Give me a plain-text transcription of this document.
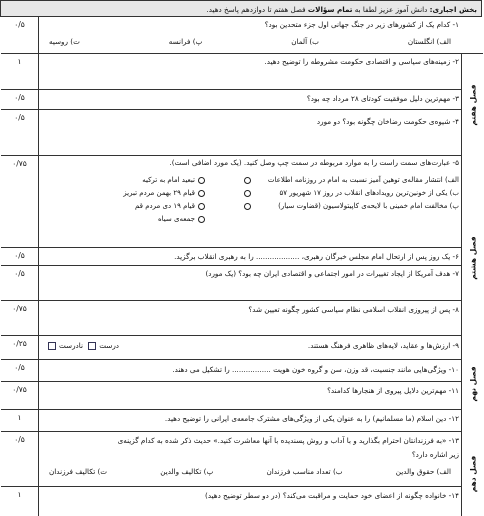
بخش اجباری: دانش آموز عزیز لطفا به تمام سؤالات فصل هفتم تا دوازدهم پاسخ دهید.
۰/۵	۱- کدام یک از کشورهای زیر در جنگ جهانی اول جزء متحدین بود؟
الف) انگلستان
ب) آلمان
پ) فرانسه
ت) روسیه
۱	۲- زمینه‌های سیاسی و اقتصادی حکومت مشروطه را توضیح دهید.
۰/۵	۳- مهم‌ترین دلیل موفقیت کودتای ۲۸ مرداد چه بود؟
۰/۵	۴- شیوه‌ی حکومت رضاخان چگونه بود؟ دو مورد
۰/۷۵	۵- عبارت‌های سمت راست را به موارد مربوطه در سمت چپ وصل کنید. (یک مورد اضافی است).
الف) انتشار مقاله‌ی توهین آمیز نسبت به امام در روزنامه اطلاعات
ب) یکی از خونین‌ترین رویدادهای انقلاب در روز ۱۷ شهریور ۵۷
پ) مخالفت امام خمینی با لایحه‌ی کاپیتولاسیون (قضاوت سیار)
تبعید امام به ترکیه
قیام ۲۹ بهمن مردم تبریز
قیام ۱۹ دی مردم قم
جمعه‌ی سیاه
۰/۵	۶- یک روز پس از ارتحال امام مجلس خبرگان رهبری، ................... را به رهبری انقلاب برگزید.
۰/۵	۷- هدف آمریکا از ایجاد تغییرات در امور اجتماعی و اقتصادی ایران چه بود؟ (یک مورد)
۰/۷۵	۸- پس از پیروزی انقلاب اسلامی نظام سیاسی کشور چگونه تعیین شد؟
۰/۲۵	۹- ارزش‌ها و عقاید، لایه‌های ظاهری فرهنگ هستند.
درست نادرست
۰/۵	۱۰- ویژگی‌هایی مانند جنسیت، قد وزن، سن و گروه خون هویت ................. را تشکیل می دهند.
۰/۷۵	۱۱- مهم‌ترین دلایل پیروی از هنجارها کدامند؟
۱	۱۲- دین اسلام (ما مسلمانیم) را به عنوان یکی از ویژگی‌های مشترک جامعه‌ی ایرانی را توضیح دهید.
۰/۵	۱۳- «به فرزندانتان احترام بگذارید و با آداب و روش پسندیده با آنها معاشرت کنید.» حدیث ذکر شده به کدام گزینه‌ی
زیر اشاره دارد؟
الف) حقوق والدین
ب) تعداد مناسب فرزندان
پ) تکالیف والدین
ت) تکالیف فرزندان
۱	۱۴- خانواده چگونه از اعضای خود حمایت و مراقبت می‌کند؟ (در دو سطر توضیح دهید)
فصل هفتم
فصل هشتم
فصل نهم
فصل دهم
